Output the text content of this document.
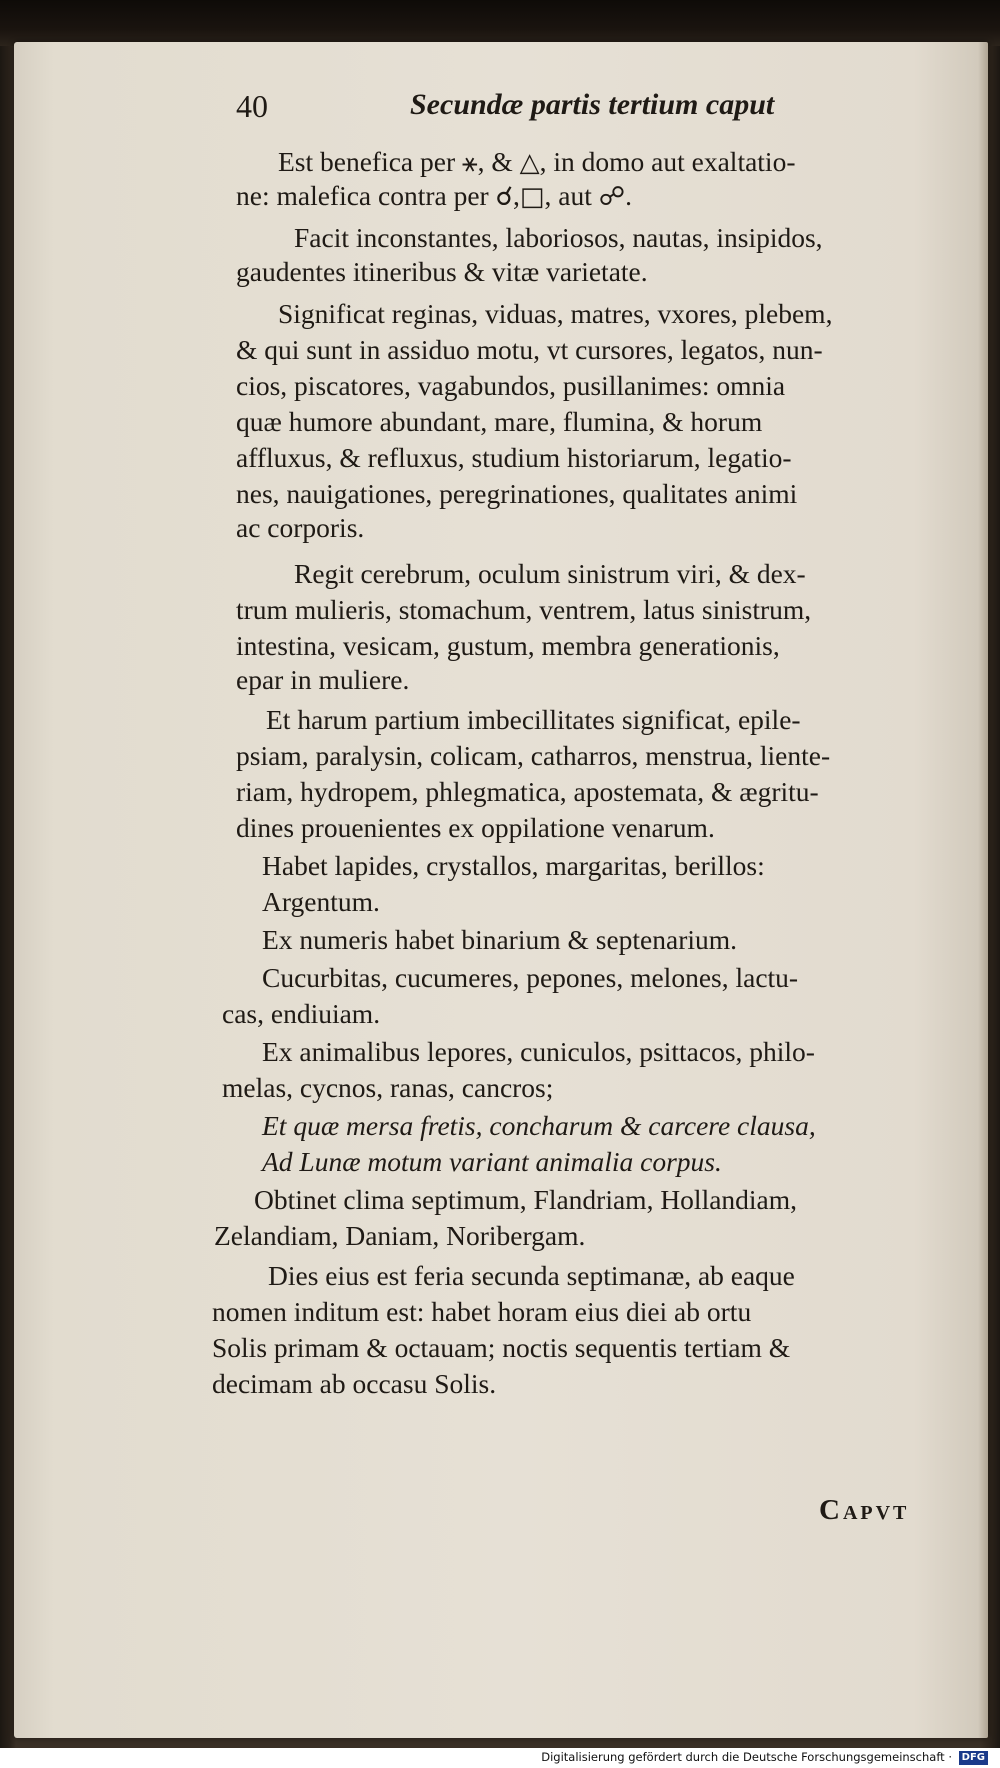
40	Secundæ partis tertium caput
Est benefica per ⚹, & △, in domo aut exaltatio-
ne: malefica contra per ☌,□, aut ☍.
Facit inconstantes, laboriosos, nautas, insipidos,
gaudentes itineribus & vitæ varietate.
Significat reginas, viduas, matres, vxores, plebem,
& qui sunt in assiduo motu, vt cursores, legatos, nun-
cios, piscatores, vagabundos, pusillanimes: omnia
quæ humore abundant, mare, flumina, & horum
affluxus, & refluxus, studium historiarum, legatio-
nes, nauigationes, peregrinationes, qualitates animi
ac corporis.
Regit cerebrum, oculum sinistrum viri, & dex-
trum mulieris, stomachum, ventrem, latus sinistrum,
intestina, vesicam, gustum, membra generationis,
epar in muliere.
Et harum partium imbecillitates significat, epile-
psiam, paralysin, colicam, catharros, menstrua, liente-
riam, hydropem, phlegmatica, apostemata, & ægritu-
dines prouenientes ex oppilatione venarum.
Habet lapides, crystallos, margaritas, berillos:
Argentum.
Ex numeris habet binarium & septenarium.
Cucurbitas, cucumeres, pepones, melones, lactu-
cas, endiuiam.
Ex animalibus lepores, cuniculos, psittacos, philo-
melas, cycnos, ranas, cancros;
Et quæ mersa fretis, concharum & carcere clausa,
Ad Lunæ motum variant animalia corpus.
Obtinet clima septimum, Flandriam, Hollandiam,
Zelandiam, Daniam, Noribergam.
Dies eius est feria secunda septimanæ, ab eaque
nomen inditum est: habet horam eius diei ab ortu
Solis primam & octauam; noctis sequentis tertiam &
decimam ab occasu Solis.
Capvt
Digitalisierung gefördert durch die Deutsche Forschungsgemeinschaft · DFG
